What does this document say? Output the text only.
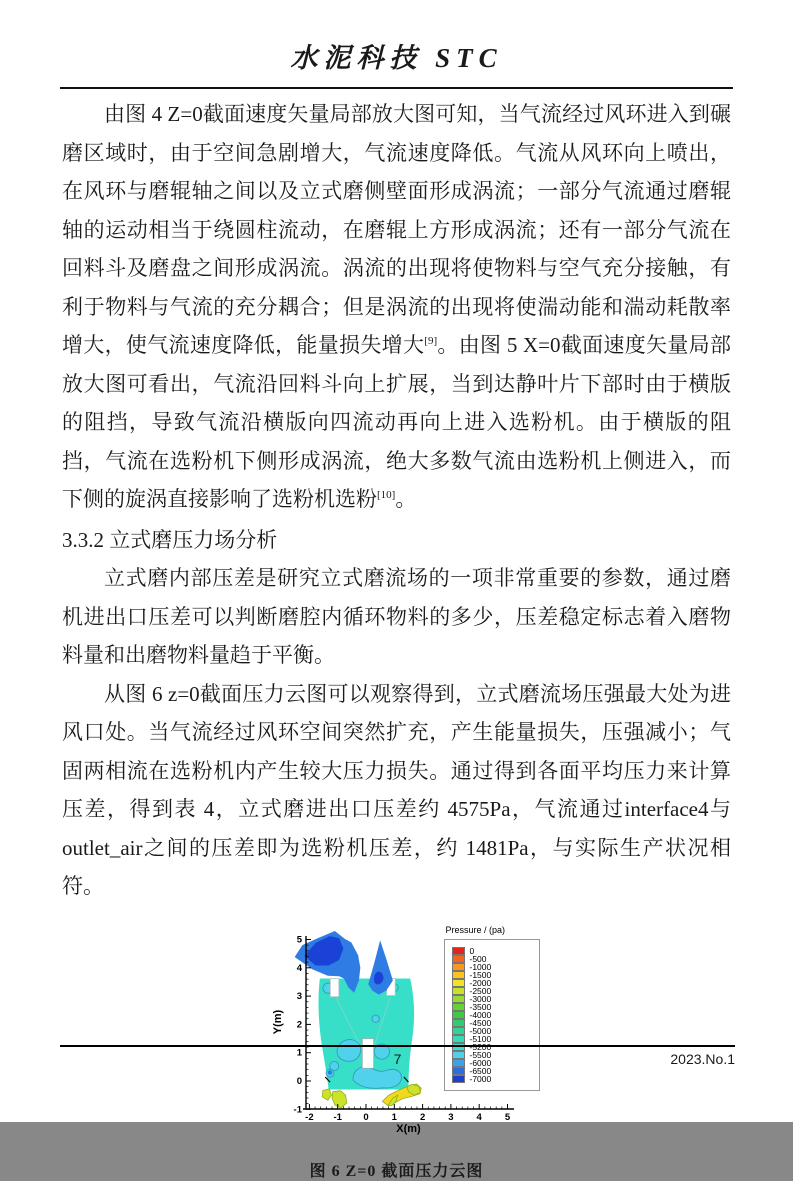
水泥科技 STC

由图 4 Z=0截面速度矢量局部放大图可知，当气流经过风环进入到碾磨区域时，由于空间急剧增大，气流速度降低。气流从风环向上喷出，在风环与磨辊轴之间以及立式磨侧壁面形成涡流；一部分气流通过磨辊轴的运动相当于绕圆柱流动，在磨辊上方形成涡流；还有一部分气流在回料斗及磨盘之间形成涡流。涡流的出现将使物料与空气充分接触，有利于物料与气流的充分耦合；但是涡流的出现将使湍动能和湍动耗散率增大，使气流速度降低，能量损失增大[9]。由图 5 X=0截面速度矢量局部放大图可看出，气流沿回料斗向上扩展，当到达静叶片下部时由于横版的阻挡，导致气流沿横版向四流动再向上进入选粉机。由于横版的阻挡，气流在选粉机下侧形成涡流，绝大多数气流由选粉机上侧进入，而下侧的旋涡直接影响了选粉机选粉[10]。

3.3.2 立式磨压力场分析

立式磨内部压差是研究立式磨流场的一项非常重要的参数，通过磨机进出口压差可以判断磨腔内循环物料的多少，压差稳定标志着入磨物料量和出磨物料量趋于平衡。

从图 6 z=0截面压力云图可以观察得到，立式磨流场压强最大处为进风口处。当气流经过风环空间突然扩充，产生能量损失，压强减小；气固两相流在选粉机内产生较大压力损失。通过得到各面平均压力来计算压差，得到表 4，立式磨进出口压差约 4575Pa，气流通过interface4与outlet_air之间的压差即为选粉机压差，约 1481Pa，与实际生产状况相符。

-2 -1 0 1 2 3 4 5
-1
0
1
2
3
4
5
X(m)
Y(m)
Pressure / (pa)
0
-500
-1000
-1500
-2000
-2500
-3000
-3500
-4000
-4500
-5000
-5100
-5200
-5500
-6000
-6500
-7000
图 6 Z=0 截面压力云图
7	2023.No.1
